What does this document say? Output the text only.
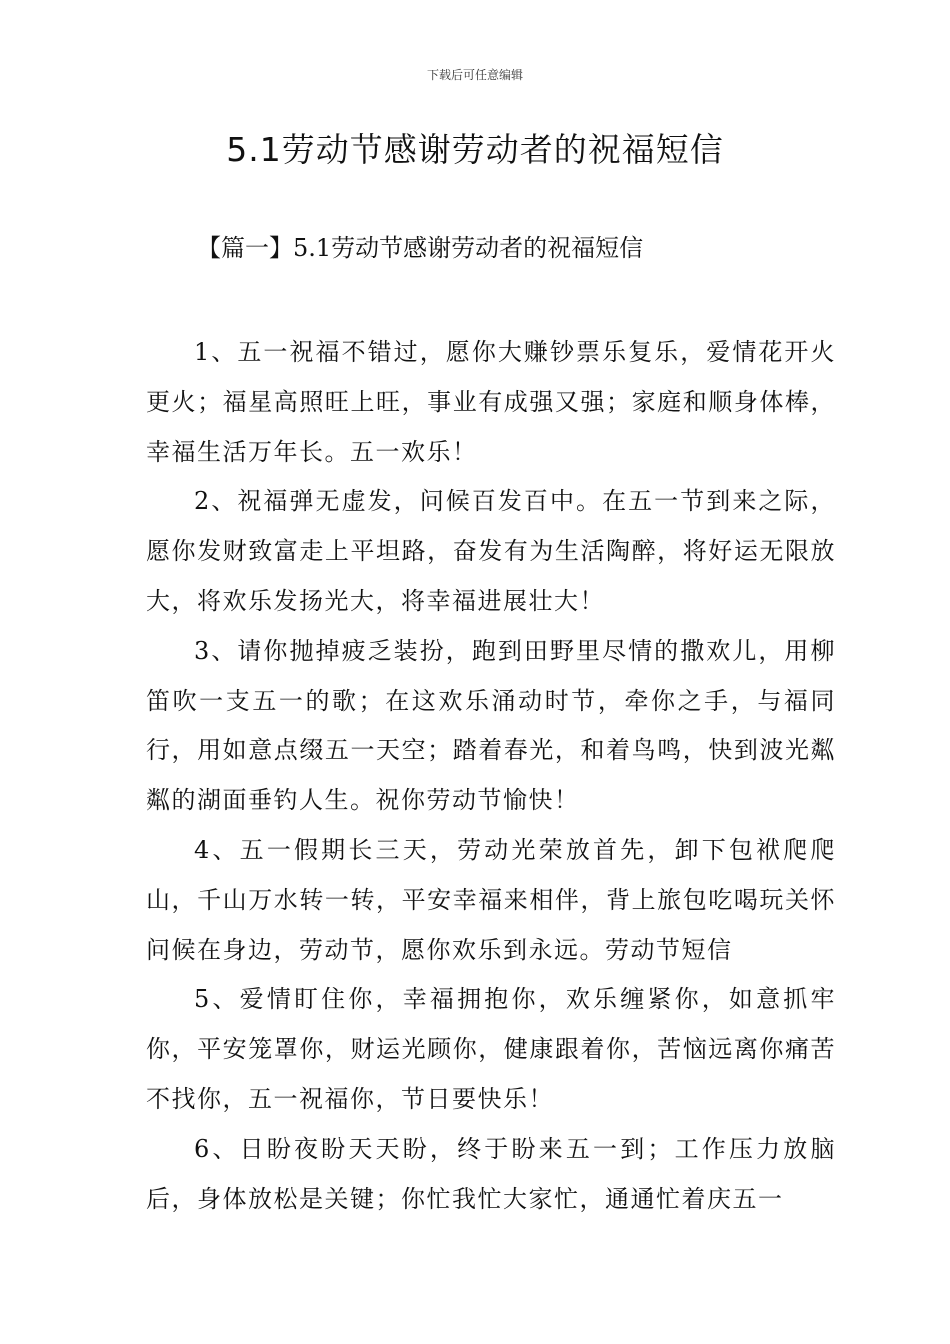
下载后可任意编辑
5.1劳动节感谢劳动者的祝福短信
【篇一】5.1劳动节感谢劳动者的祝福短信

1、五一祝福不错过，愿你大赚钞票乐复乐，爱情花开火更火；福星高照旺上旺，事业有成强又强；家庭和顺身体棒，幸福生活万年长。五一欢乐！

2、祝福弹无虚发，问候百发百中。在五一节到来之际，愿你发财致富走上平坦路，奋发有为生活陶醉，将好运无限放大，将欢乐发扬光大，将幸福进展壮大！

3、请你抛掉疲乏装扮，跑到田野里尽情的撒欢儿，用柳笛吹一支五一的歌；在这欢乐涌动时节，牵你之手，与福同行，用如意点缀五一天空；踏着春光，和着鸟鸣，快到波光粼粼的湖面垂钓人生。祝你劳动节愉快！

4、五一假期长三天，劳动光荣放首先，卸下包袱爬爬山，千山万水转一转，平安幸福来相伴，背上旅包吃喝玩关怀问候在身边，劳动节，愿你欢乐到永远。劳动节短信

5、爱情盯住你，幸福拥抱你，欢乐缠紧你，如意抓牢你，平安笼罩你，财运光顾你，健康跟着你，苦恼远离你痛苦不找你，五一祝福你，节日要快乐！

6、日盼夜盼天天盼，终于盼来五一到；工作压力放脑后，身体放松是关键；你忙我忙大家忙，通通忙着庆五一
